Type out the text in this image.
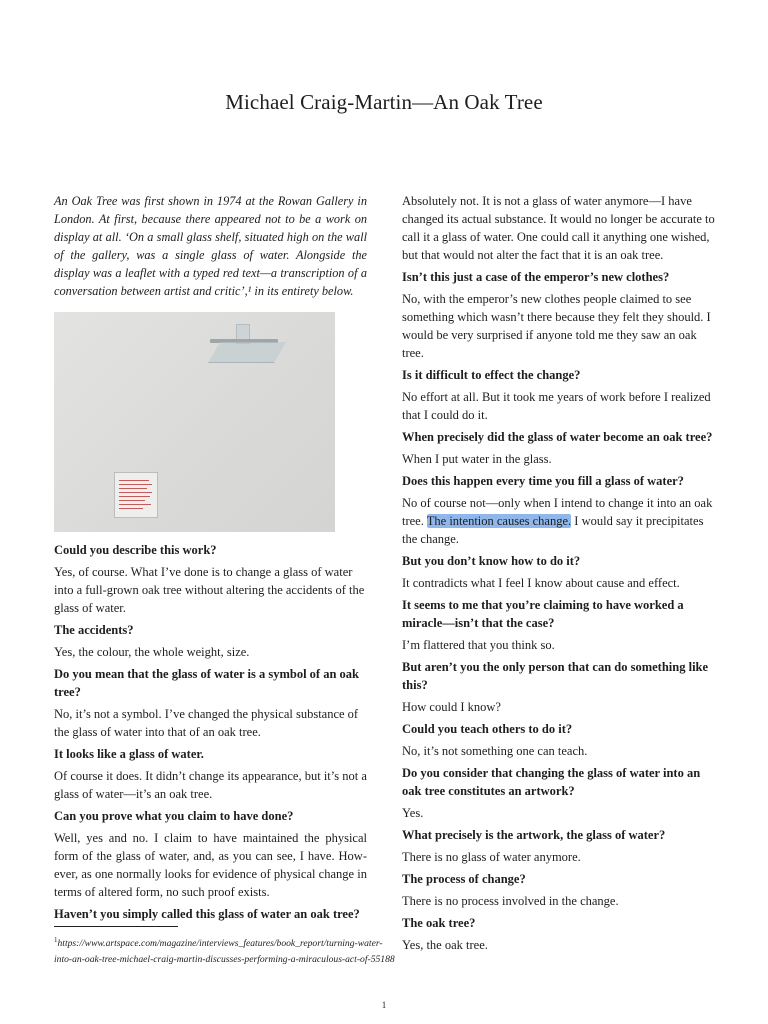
Michael Craig-Martin—An Oak Tree

An Oak Tree was first shown in 1974 at the Rowan Gallery in London. At first, because there appeared not to be a work on display at all. ‘On a small glass shelf, situated high on the wall of the gallery, was a single glass of water. Alongside the display was a leaflet with a typed red text—a transcription of a conversation between artist and critic’,¹ in its entirety below.

Could you describe this work?

Yes, of course. What I’ve done is to change a glass of water into a full-grown oak tree without altering the accidents of the glass of water.

The accidents?

Yes, the colour, the whole weight, size.

Do you mean that the glass of water is a symbol of an oak tree?

No, it’s not a symbol. I’ve changed the physical substance of the glass of water into that of an oak tree.

It looks like a glass of water.

Of course it does. It didn’t change its appearance, but it’s not a glass of water—it’s an oak tree.

Can you prove what you claim to have done?

Well, yes and no. I claim to have maintained the physical form of the glass of water, and, as you can see, I have. How-ever, as one normally looks for evidence of physical change in terms of altered form, no such proof exists.

Haven’t you simply called this glass of water an oak tree?

Absolutely not. It is not a glass of water anymore—I have changed its actual substance. It would no longer be accurate to call it a glass of water. One could call it anything one wished, but that would not alter the fact that it is an oak tree.

Isn’t this just a case of the emperor’s new clothes?

No, with the emperor’s new clothes people claimed to see something which wasn’t there because they felt they should. I would be very surprised if anyone told me they saw an oak tree.

Is it difficult to effect the change?

No effort at all. But it took me years of work before I realized that I could do it.

When precisely did the glass of water become an oak tree?

When I put water in the glass.

Does this happen every time you fill a glass of water?

No of course not—only when I intend to change it into an oak tree. The intention causes change. I would say it precipitates the change.

But you don’t know how to do it?

It contradicts what I feel I know about cause and effect.

It seems to me that you’re claiming to have worked a miracle—isn’t that the case?

I’m flattered that you think so.

But aren’t you the only person that can do something like this?

How could I know?

Could you teach others to do it?

No, it’s not something one can teach.

Do you consider that changing the glass of water into an oak tree constitutes an artwork?

Yes.

What precisely is the artwork, the glass of water?

There is no glass of water anymore.

The process of change?

There is no process involved in the change.

The oak tree?

Yes, the oak tree.

$^1$https://www.artspace.com/magazine/interviews_features/book_report/turning-water-into-an-oak-tree-michael-craig-martin-discusses-performing-a-miraculous-act-of-55188
1
